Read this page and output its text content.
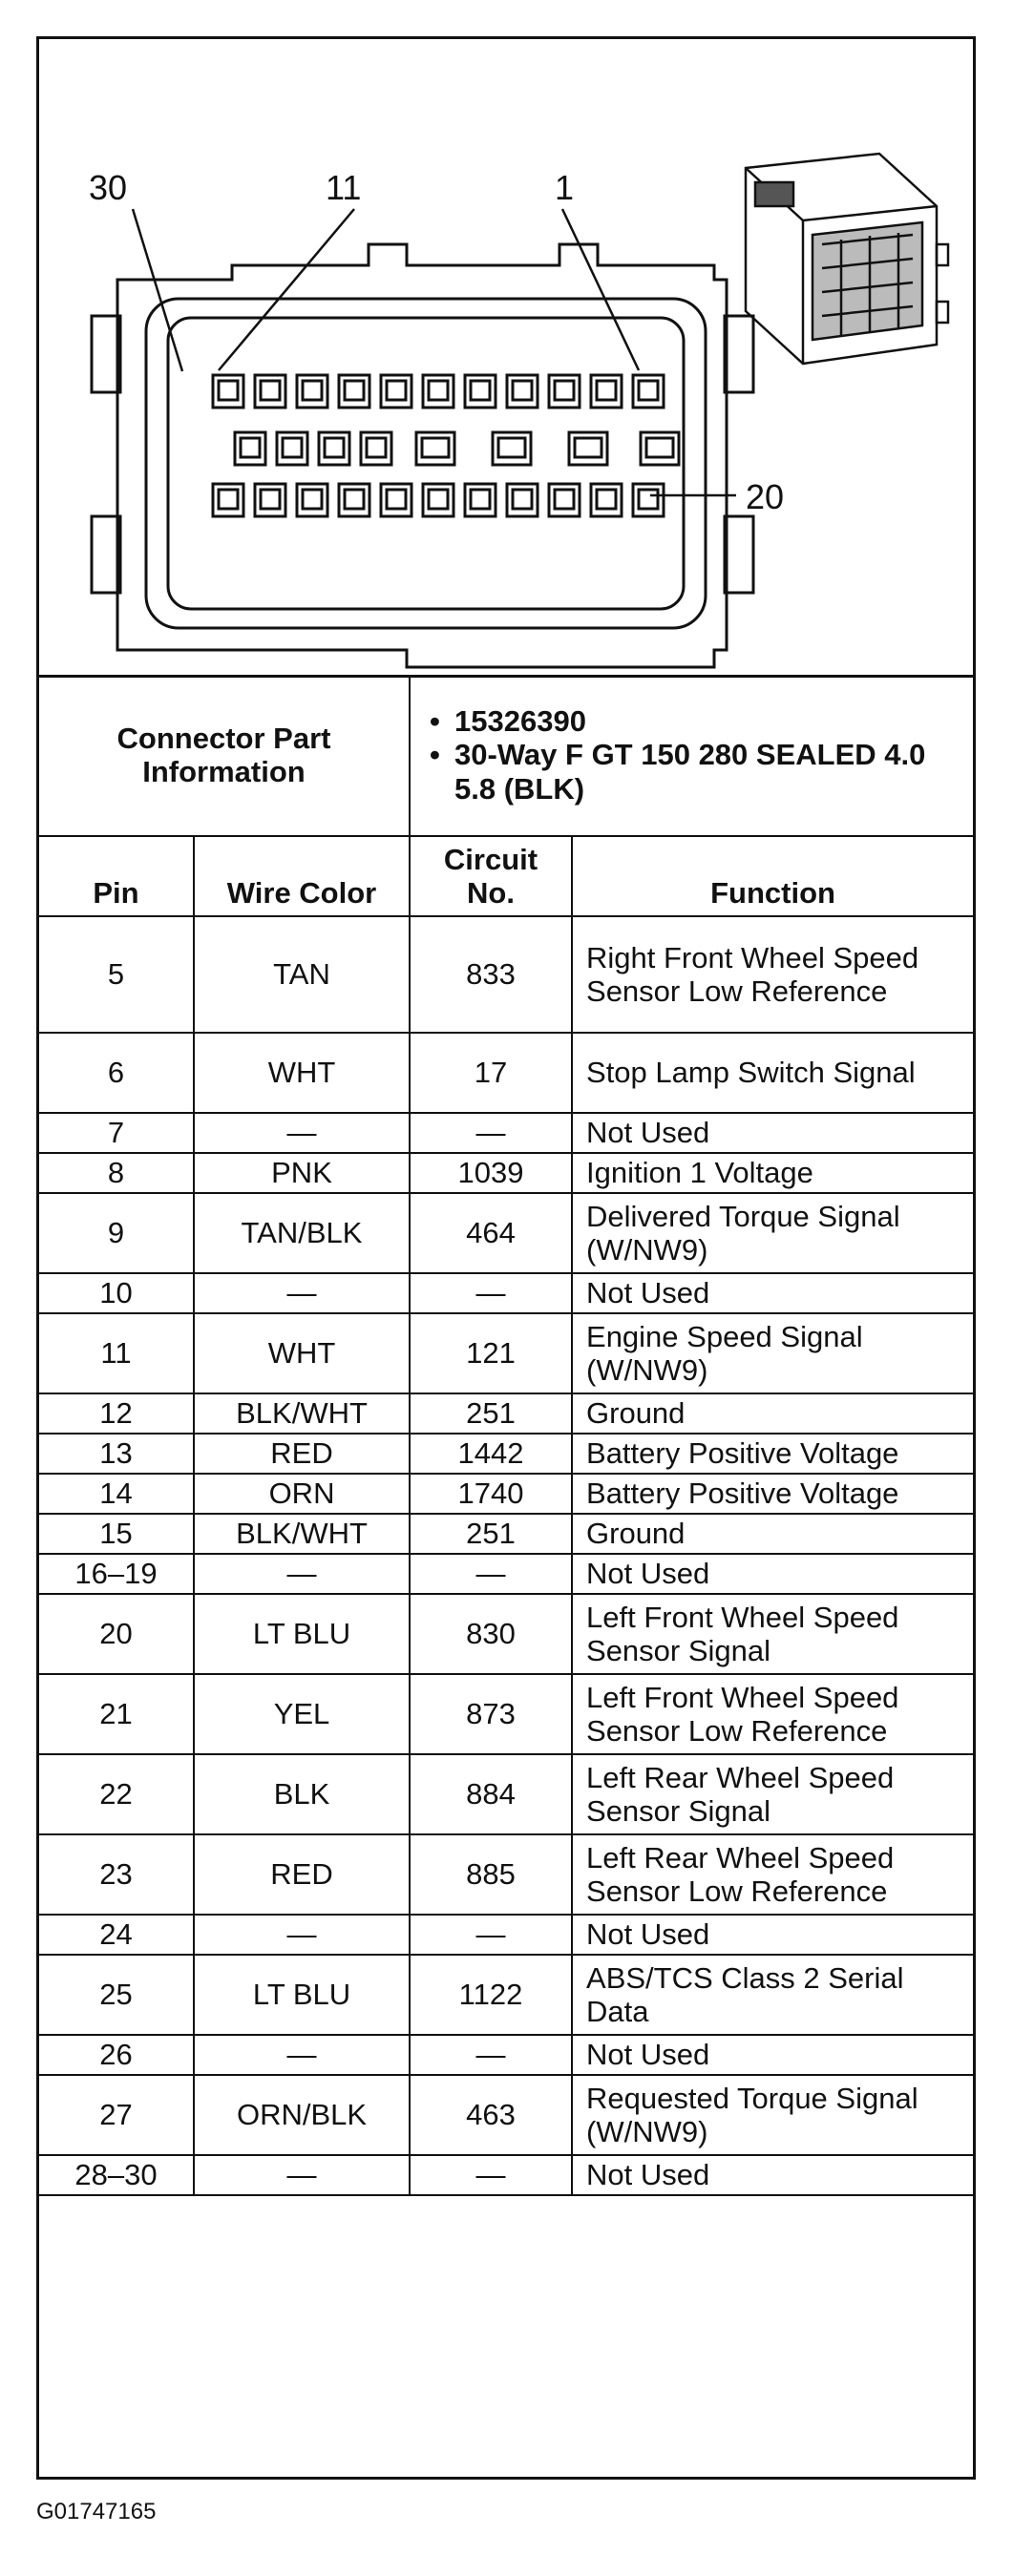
30	11	1
20
Connector Part Information		• 15326390
• 30-Way F GT 150 280 SEALED 4.0 5.8 (BLK)

Pin	Wire Color	Circuit No.	Function
5	TAN	833	Right Front Wheel Speed Sensor Low Reference
6	WHT	17	Stop Lamp Switch Signal
7	—	—	Not Used
8	PNK	1039	Ignition 1 Voltage
9	TAN/BLK	464	Delivered Torque Signal (W/NW9)
10	—	—	Not Used
11	WHT	121	Engine Speed Signal (W/NW9)
12	BLK/WHT	251	Ground
13	RED	1442	Battery Positive Voltage
14	ORN	1740	Battery Positive Voltage
15	BLK/WHT	251	Ground
16–19	—	—	Not Used
20	LT BLU	830	Left Front Wheel Speed Sensor Signal
21	YEL	873	Left Front Wheel Speed Sensor Low Reference
22	BLK	884	Left Rear Wheel Speed Sensor Signal
23	RED	885	Left Rear Wheel Speed Sensor Low Reference
24	—	—	Not Used
25	LT BLU	1122	ABS/TCS Class 2 Serial Data
26	—	—	Not Used
27	ORN/BLK	463	Requested Torque Signal (W/NW9)
28–30	—	—	Not Used
G01747165
